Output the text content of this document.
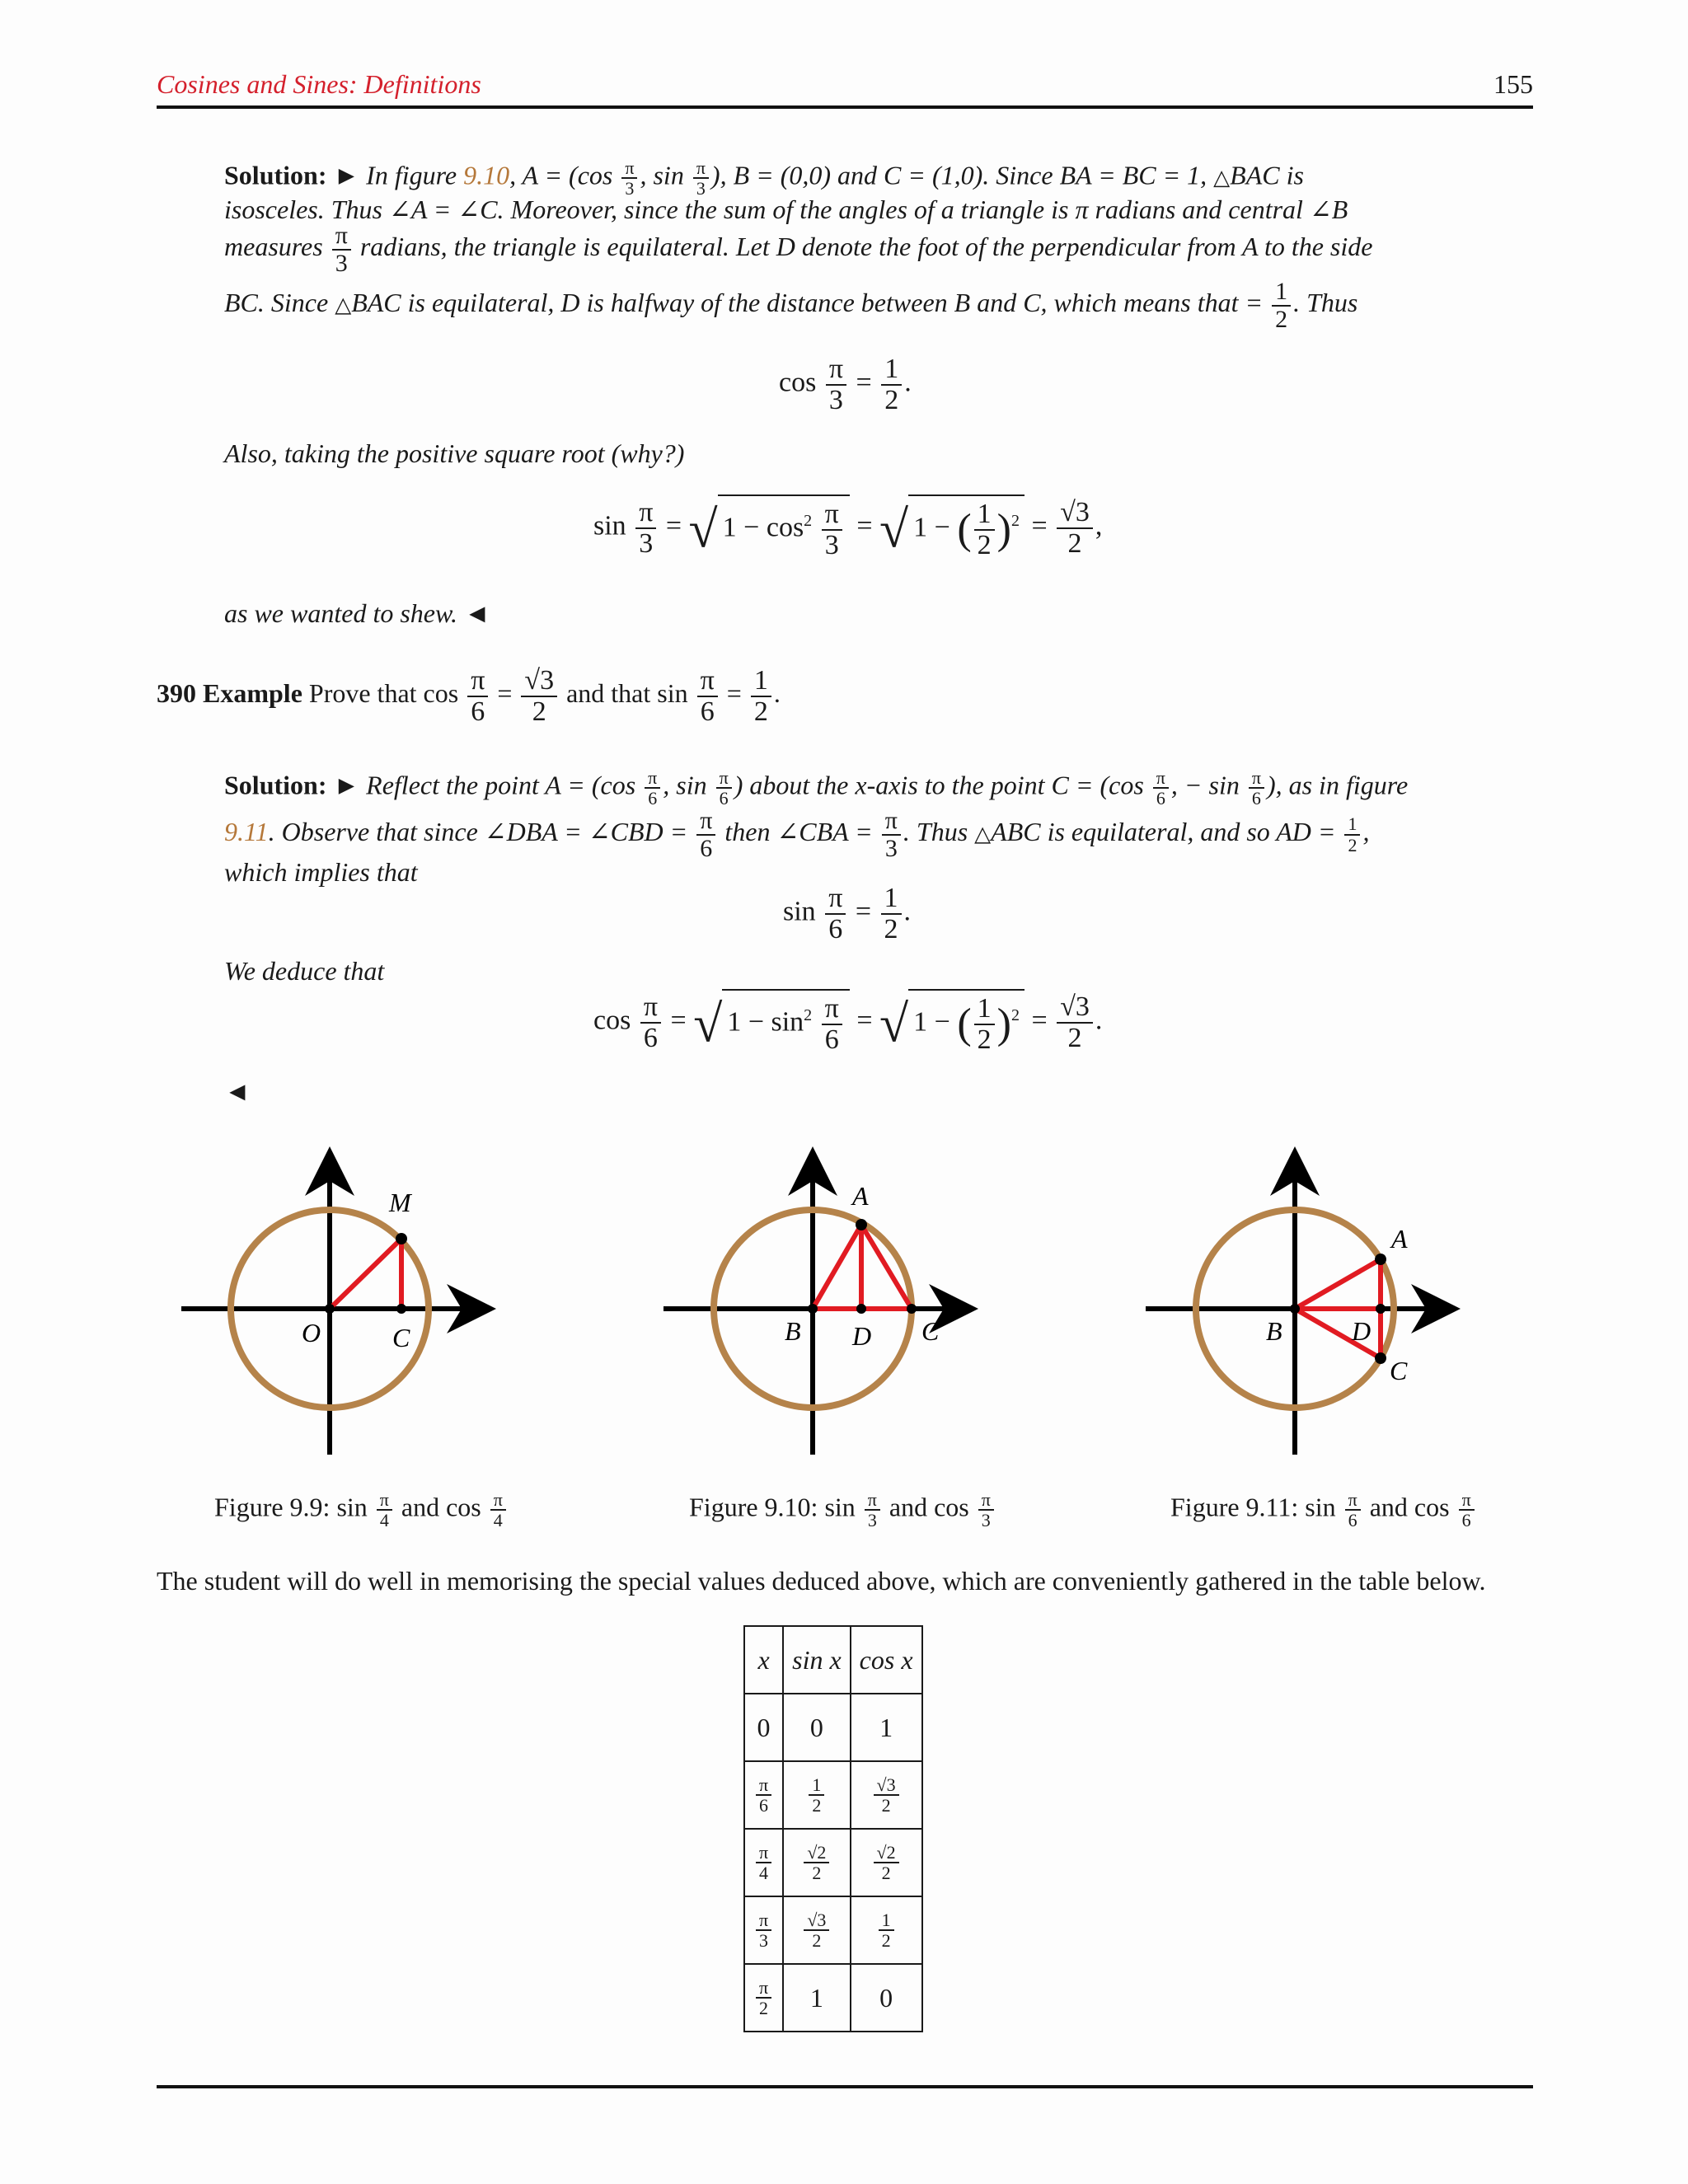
Cosines and Sines: Definitions	155
Solution: ► In figure 9.10, $A = (\cos \frac{\pi}{3}$ , $\sin \frac{\pi}{3}$ ), B = (0,0) and C = (1,0). Since BA = BC = 1, △BAC is
isosceles. Thus ∠A = ∠C. Moreover, since the sum of the angles of a triangle is π radians and central ∠B
measures $\frac{\pi}{3}$ radians, the triangle is equilateral. Let D denote the foot of the perpendicular from A to the side
BC. Since △BAC is equilateral, D is halfway of the distance between B and C, which means that = $\frac{1}{2}$ . Thus
$\cos \frac{\pi}{3} = \frac{1}{2}$ .
Also, taking the positive square root (why?)
$\sin \frac{\pi}{3}$ = √ $1 - \cos^2 \frac{\pi}{3}$ = √ 1 − ( $\frac{1}{2} )^2 = \frac{√3}{2}$ ,
as we wanted to shew. ◄
390 Example Prove that $\cos \frac{\pi}{6} = \frac{√3}{2}$ and that $\sin \frac{\pi}{6} = \frac{1}{2}$ .
Solution: ► Reflect the point $A = (\cos \frac{\pi}{6}$ , $\sin \frac{\pi}{6}$ ) about the x-axis to the point $C = (\cos \frac{\pi}{6}$ , − $\sin \frac{\pi}{6}$ ), as in figure
9.11. Observe that since ∠DBA = ∠CBD = $\frac{\pi}{6}$ then ∠CBA = $\frac{\pi}{3}$ . Thus △ABC is equilateral, and so AD = $\frac{1}{2}$ ,
which implies that
$\sin \frac{\pi}{6} = \frac{1}{2}$ .
We deduce that
$\cos \frac{\pi}{6}$ = √ $1 - \sin^2 \frac{\pi}{6}$ = √ 1 − ( $\frac{1}{2} )^2 = \frac{√3}{2}$ .
◄
M
O	C
A
B D C
A
B	D
C
Figure 9.9: $\sin \frac{\pi}{4}$ and $\cos \frac{\pi}{4}$	Figure 9.10: $\sin \frac{\pi}{3}$ and $\cos \frac{\pi}{3}$	Figure 9.11: $\sin \frac{\pi}{6}$ and $\cos \frac{\pi}{6}$
The student will do well in memorising the special values deduced above, which are conveniently gathered in the table below.
x	sin x	cos x
0	0	1

$\frac{\pi}{6}$	$\frac{1}{2}$	$\frac{√3}{2}$

$\frac{\pi}{4}$	$\frac{√2}{2}$	$\frac{√2}{2}$

$\frac{\pi}{3}$	$\frac{√3}{2}$	$\frac{1}{2}$

$\frac{\pi}{2}$	1	0
